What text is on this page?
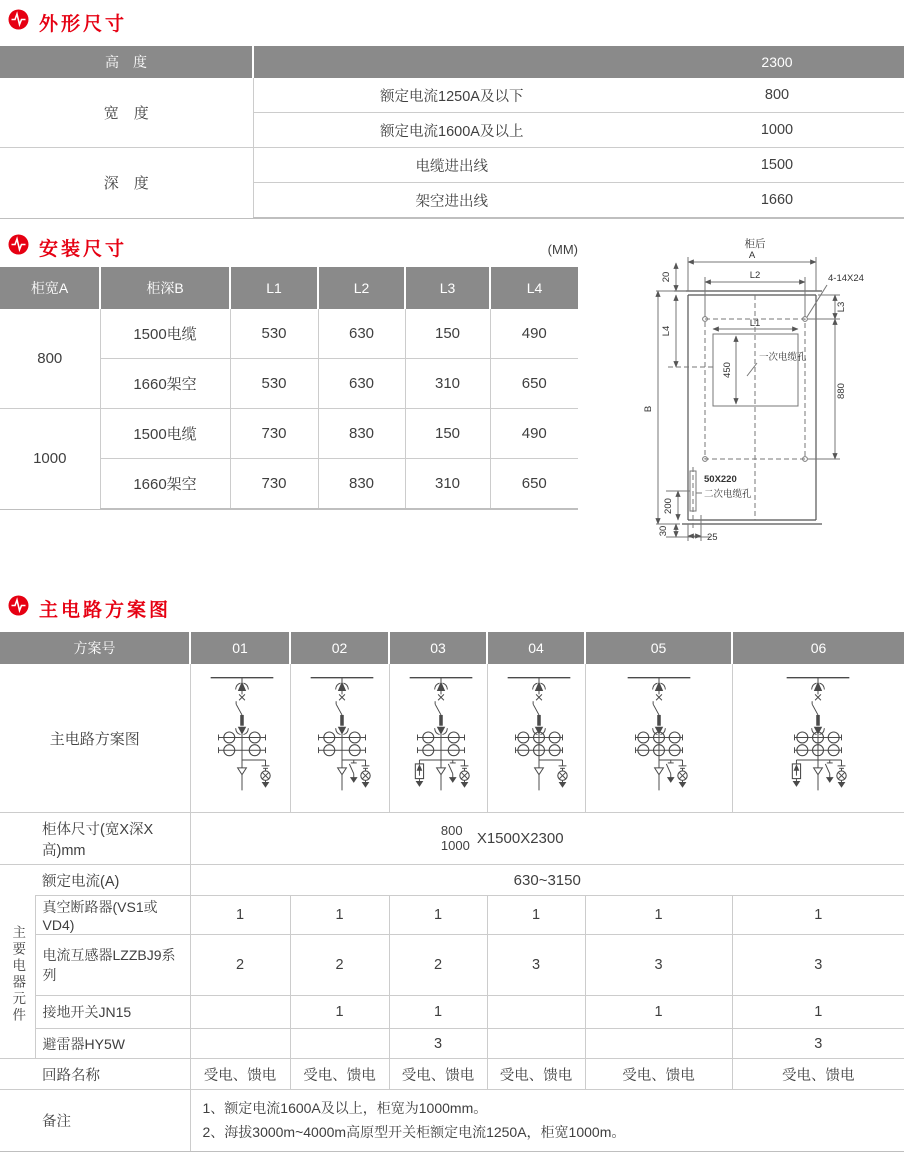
外形尺寸
高　度		2300
宽　度	额定电流1250A及以下	800
	额定电流1600A及以上	1000
深　度	电缆进出线	1500
	架空进出线	1660

安装尺寸	(MM)
柜宽A	柜深B	L1	L2	L3	L4
800	1500电缆	530	630	150	490
	1660架空	530	630	310	650
1000	1500电缆	730	830	150	490
	1660架空	730	830	310	650

柜后
A
L2	4-14X24
20
L4
L3
880
L1
450
一次电缆孔
B
50X220
二次电缆孔
200
30
25
主电路方案图
方案号		01	02	03	04	05	06
主电路方案图						
柜体尺寸(宽X深X高)mm		800
1000 X1500X2300					

额定电流(A)		630~3150					
主要电器元件	真空断路器(VS1或VD4)	1	1	1	1	1	1
	电流互感器LZZBJ9系列	2	2	2	3	3	3
	接地开关JN15		1	1		1	1
	避雷器HY5W			3			3
回路名称		受电、馈电	受电、馈电	受电、馈电	受电、馈电	受电、馈电	受电、馈电
备注		1、额定电流1600A及以上，柜宽为1000mm。
2、海拔3000m~4000m高原型开关柜额定电流1250A，柜宽1000m。					
